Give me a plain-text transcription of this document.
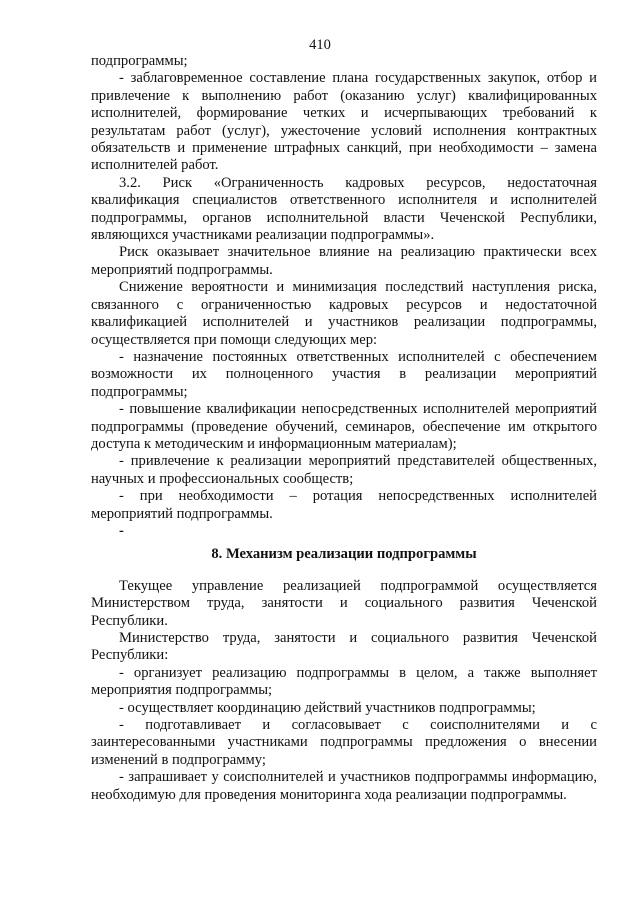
410

подпрограммы;

- заблаговременное составление плана государственных закупок, отбор и привлечение к выполнению работ (оказанию услуг) квалифицированных исполнителей, формирование четких и исчерпывающих требований к результатам работ (услуг), ужесточение условий исполнения контрактных обязательств и применение штрафных санкций, при необходимости – замена исполнителей работ.

3.2. Риск «Ограниченность кадровых ресурсов, недостаточная квалификация специалистов ответственного исполнителя и исполнителей подпрограммы, органов исполнительной власти Чеченской Республики, являющихся участниками реализации подпрограммы».

Риск оказывает значительное влияние на реализацию практически всех мероприятий подпрограммы.

Снижение вероятности и минимизация последствий наступления риска, связанного с ограниченностью кадровых ресурсов и недостаточной квалификацией исполнителей и участников реализации подпрограммы, осуществляется при помощи следующих мер:

- назначение постоянных ответственных исполнителей с обеспечением возможности их полноценного участия в реализации мероприятий подпрограммы;

- повышение квалификации непосредственных исполнителей мероприятий подпрограммы (проведение обучений, семинаров, обеспечение им открытого доступа к методическим и информационным материалам);

- привлечение к реализации мероприятий представителей общественных, научных и профессиональных сообществ;

- при необходимости – ротация непосредственных исполнителей мероприятий подпрограммы.

-

8. Механизм реализации подпрограммы

Текущее управление реализацией подпрограммой осуществляется Министерством труда, занятости и социального развития Чеченской Республики.

Министерство труда, занятости и социального развития Чеченской Республики:

- организует реализацию подпрограммы в целом, а также выполняет мероприятия подпрограммы;

- осуществляет координацию действий участников подпрограммы;

- подготавливает и согласовывает с соисполнителями и с заинтересованными участниками подпрограммы предложения о внесении изменений в подпрограмму;

- запрашивает у соисполнителей и участников подпрограммы информацию, необходимую для проведения мониторинга хода реализации подпрограммы.
